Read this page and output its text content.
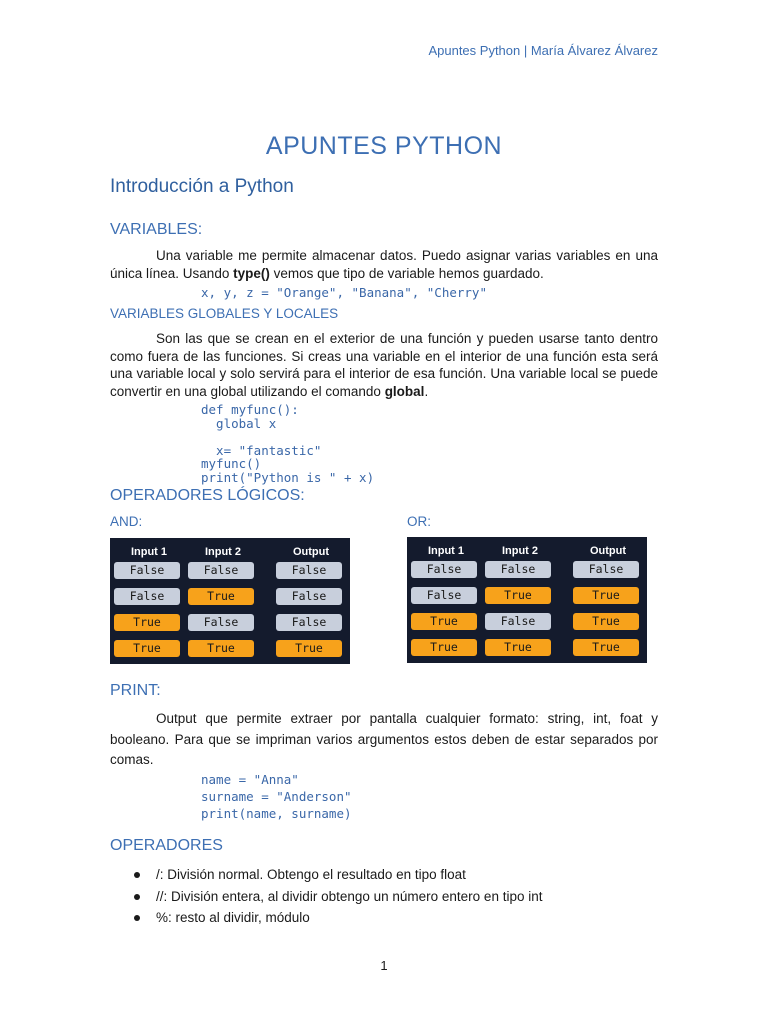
Apuntes Python | María Álvarez Álvarez
APUNTES PYTHON
Introducción a Python
VARIABLES:
Una variable me permite almacenar datos. Puedo asignar varias variables en una única línea. Usando type() vemos que tipo de variable hemos guardado.
x, y, z = "Orange", "Banana", "Cherry"
VARIABLES GLOBALES Y LOCALES
Son las que se crean en el exterior de una función y pueden usarse tanto dentro como fuera de las funciones. Si creas una variable en el interior de una función esta será una variable local y solo servirá para el interior de esa función. Una variable local se puede convertir en una global utilizando el comando global.
def myfunc():
global x

x= "fantastic"
myfunc()
print("Python is " + x)
OPERADORES LÓGICOS:
AND:	OR:
Input 1	Input 2	Output
False	False	False
False	True	False
True	False	False
True	True	True
Input 1	Input 2	Output
False	False	False
False	True	True
True	False	True
True	True	True
PRINT:
Output que permite extraer por pantalla cualquier formato: string, int, foat y booleano. Para que se impriman varios argumentos estos deben de estar separados por comas.
name = "Anna"
surname = "Anderson"
print(name, surname)
OPERADORES
/: División normal. Obtengo el resultado en tipo float
//: División entera, al dividir obtengo un número entero en tipo int
%: resto al dividir, módulo
1
